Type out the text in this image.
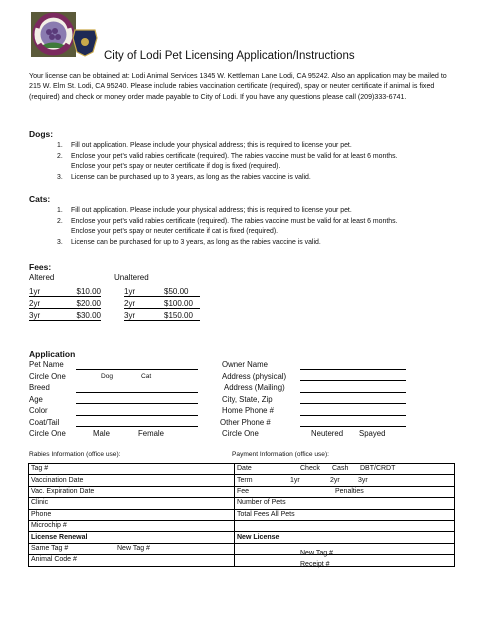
City of Lodi Pet Licensing Application/Instructions
Your license can be obtained at: Lodi Animal Services 1345 W. Kettleman Lane Lodi, CA 95242. Also an application may be mailed to 215 W. Elm St. Lodi, CA 95240. Please include rabies vaccination certificate (required), spay or neuter certificate if animal is fixed (required) and check or money order made payable to City of Lodi. If you have any questions please call (209)333-6741.
Dogs:
1. Fill out application. Please include your physical address; this is required to license your pet.
2. Enclose your pet’s valid rabies certificate (required). The rabies vaccine must be valid for at least 6 months.
Enclose your pet’s spay or neuter certificate if dog is fixed (required).
3. License can be purchased up to 3 years, as long as the rabies vaccine is valid.
Cats:
1. Fill out application. Please include your physical address; this is required to license your pet.
2. Enclose your pet’s valid rabies certificate (required). The rabies vaccine must be valid for at least 6 months.
Enclose your pet’s spay or neuter certificate if cat is fixed (required).
3. License can be purchased for up to 3 years, as long as the rabies vaccine is valid.
Fees:
Altered	Unaltered
1yr	$10.00
2yr	$20.00
3yr	$30.00
1yr	$50.00
2yr	$100.00
3yr	$150.00
Application
Pet Name
Circle One	Dog	Cat
Breed
Age
Color
Coat/Tail
Circle One	Male	Female
Owner Name
Address (physical)
Address (Mailing)
City, State, Zip
Home Phone #
Other Phone #
Circle One	Neutered Spayed
Rabies Information (office use):	Payment Information (office use):
Tag #	Date Check Cash DBT/CRDT

Vaccination Date	Term 1yr 2yr 3yr

Vac. Expiration Date	Fee Penalties

Clinic	Number of Pets
Phone	Total Fees All Pets
Microchip #	
License Renewal	New License
Same Tag # New Tag #	New Tag #

Animal Code #	Receipt #
